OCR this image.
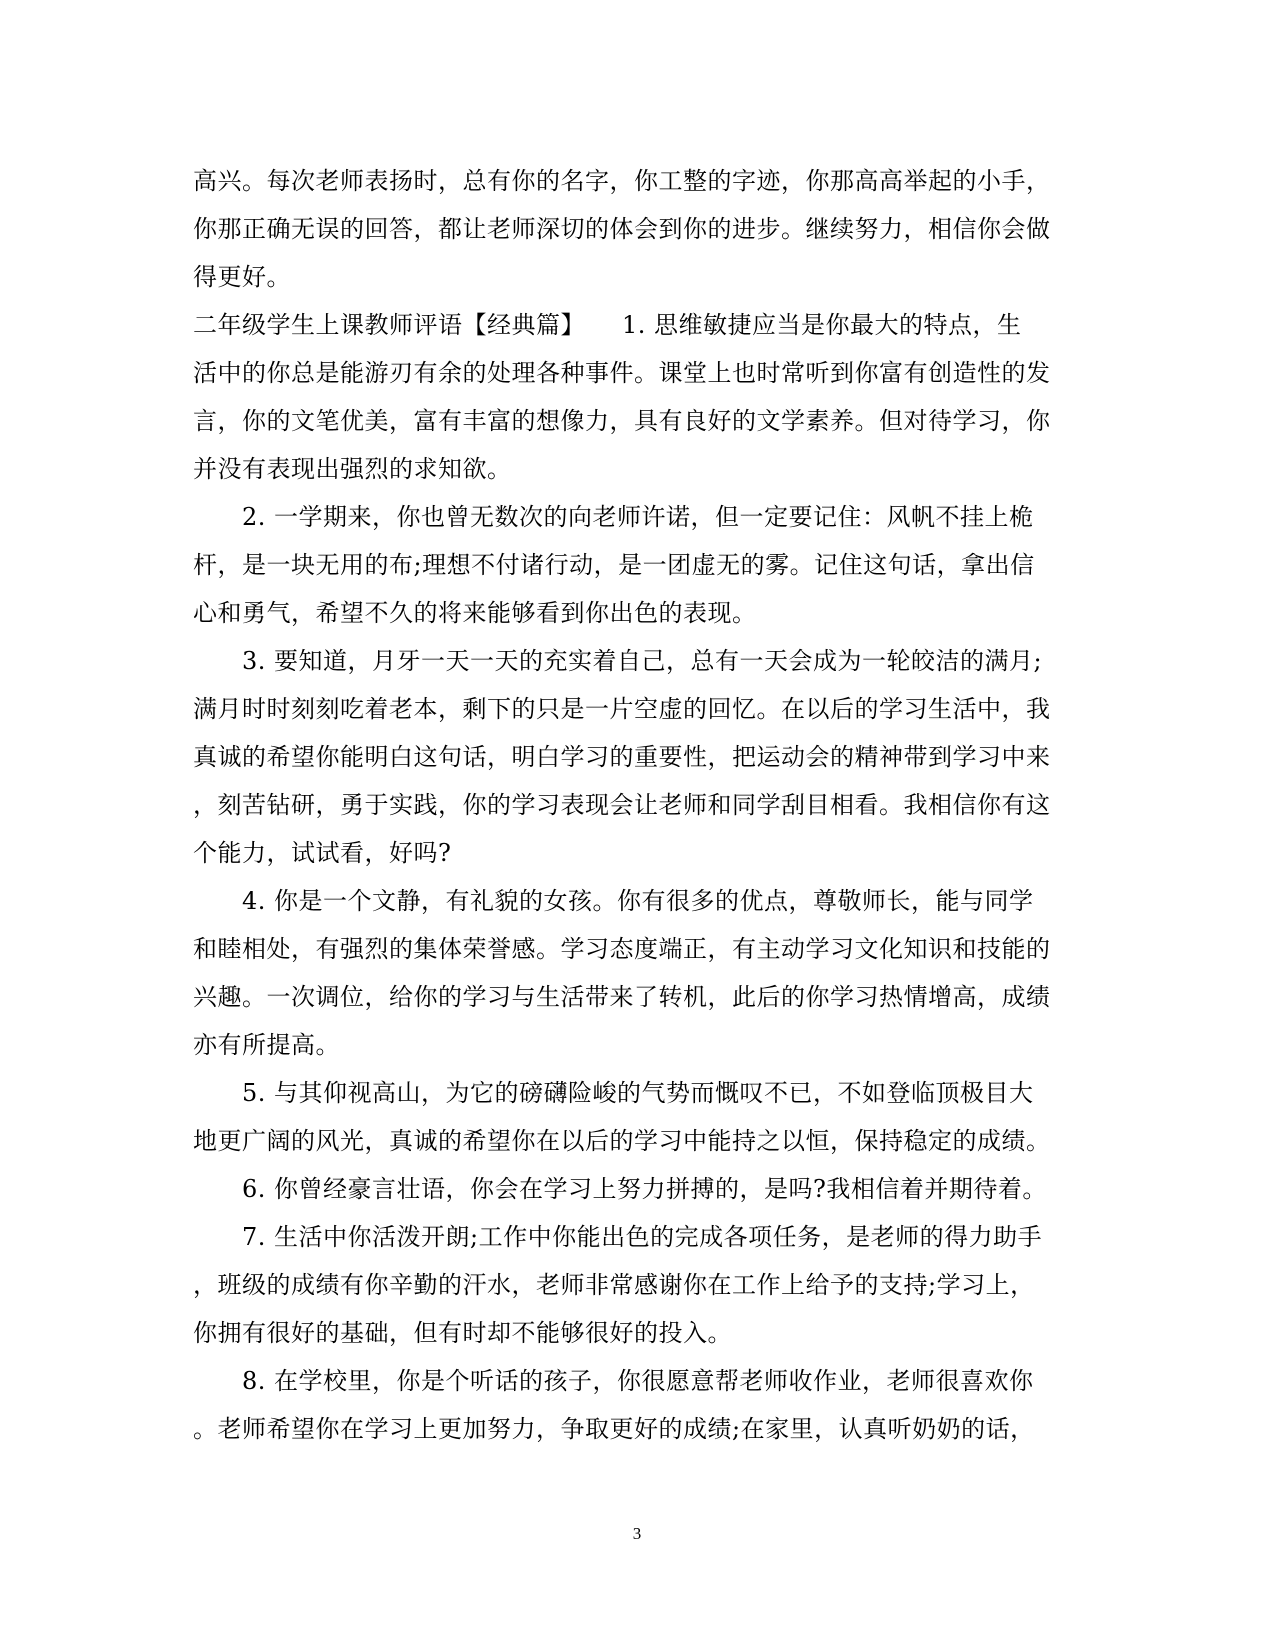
高兴。每次老师表扬时，总有你的名字，你工整的字迹，你那高高举起的小手，
你那正确无误的回答，都让老师深切的体会到你的进步。继续努力，相信你会做
得更好。
二年级学生上课教师评语【经典篇】　　1. 思维敏捷应当是你最大的特点，生
活中的你总是能游刃有余的处理各种事件。课堂上也时常听到你富有创造性的发
言，你的文笔优美，富有丰富的想像力，具有良好的文学素养。但对待学习，你
并没有表现出强烈的求知欲。
　　2. 一学期来，你也曾无数次的向老师许诺，但一定要记住：风帆不挂上桅
杆，是一块无用的布;理想不付诸行动，是一团虚无的雾。记住这句话，拿出信
心和勇气，希望不久的将来能够看到你出色的表现。
　　3. 要知道，月牙一天一天的充实着自己，总有一天会成为一轮皎洁的满月;
满月时时刻刻吃着老本，剩下的只是一片空虚的回忆。在以后的学习生活中，我
真诚的希望你能明白这句话，明白学习的重要性，把运动会的精神带到学习中来
，刻苦钻研，勇于实践，你的学习表现会让老师和同学刮目相看。我相信你有这
个能力，试试看，好吗?
　　4. 你是一个文静，有礼貌的女孩。你有很多的优点，尊敬师长，能与同学
和睦相处，有强烈的集体荣誉感。学习态度端正，有主动学习文化知识和技能的
兴趣。一次调位，给你的学习与生活带来了转机，此后的你学习热情增高，成绩
亦有所提高。
　　5. 与其仰视高山，为它的磅礴险峻的气势而慨叹不已，不如登临顶极目大
地更广阔的风光，真诚的希望你在以后的学习中能持之以恒，保持稳定的成绩。
　　6. 你曾经豪言壮语，你会在学习上努力拼搏的，是吗?我相信着并期待着。
　　7. 生活中你活泼开朗;工作中你能出色的完成各项任务，是老师的得力助手
，班级的成绩有你辛勤的汗水，老师非常感谢你在工作上给予的支持;学习上，
你拥有很好的基础，但有时却不能够很好的投入。
　　8. 在学校里，你是个听话的孩子，你很愿意帮老师收作业，老师很喜欢你
。老师希望你在学习上更加努力，争取更好的成绩;在家里，认真听奶奶的话，
3
